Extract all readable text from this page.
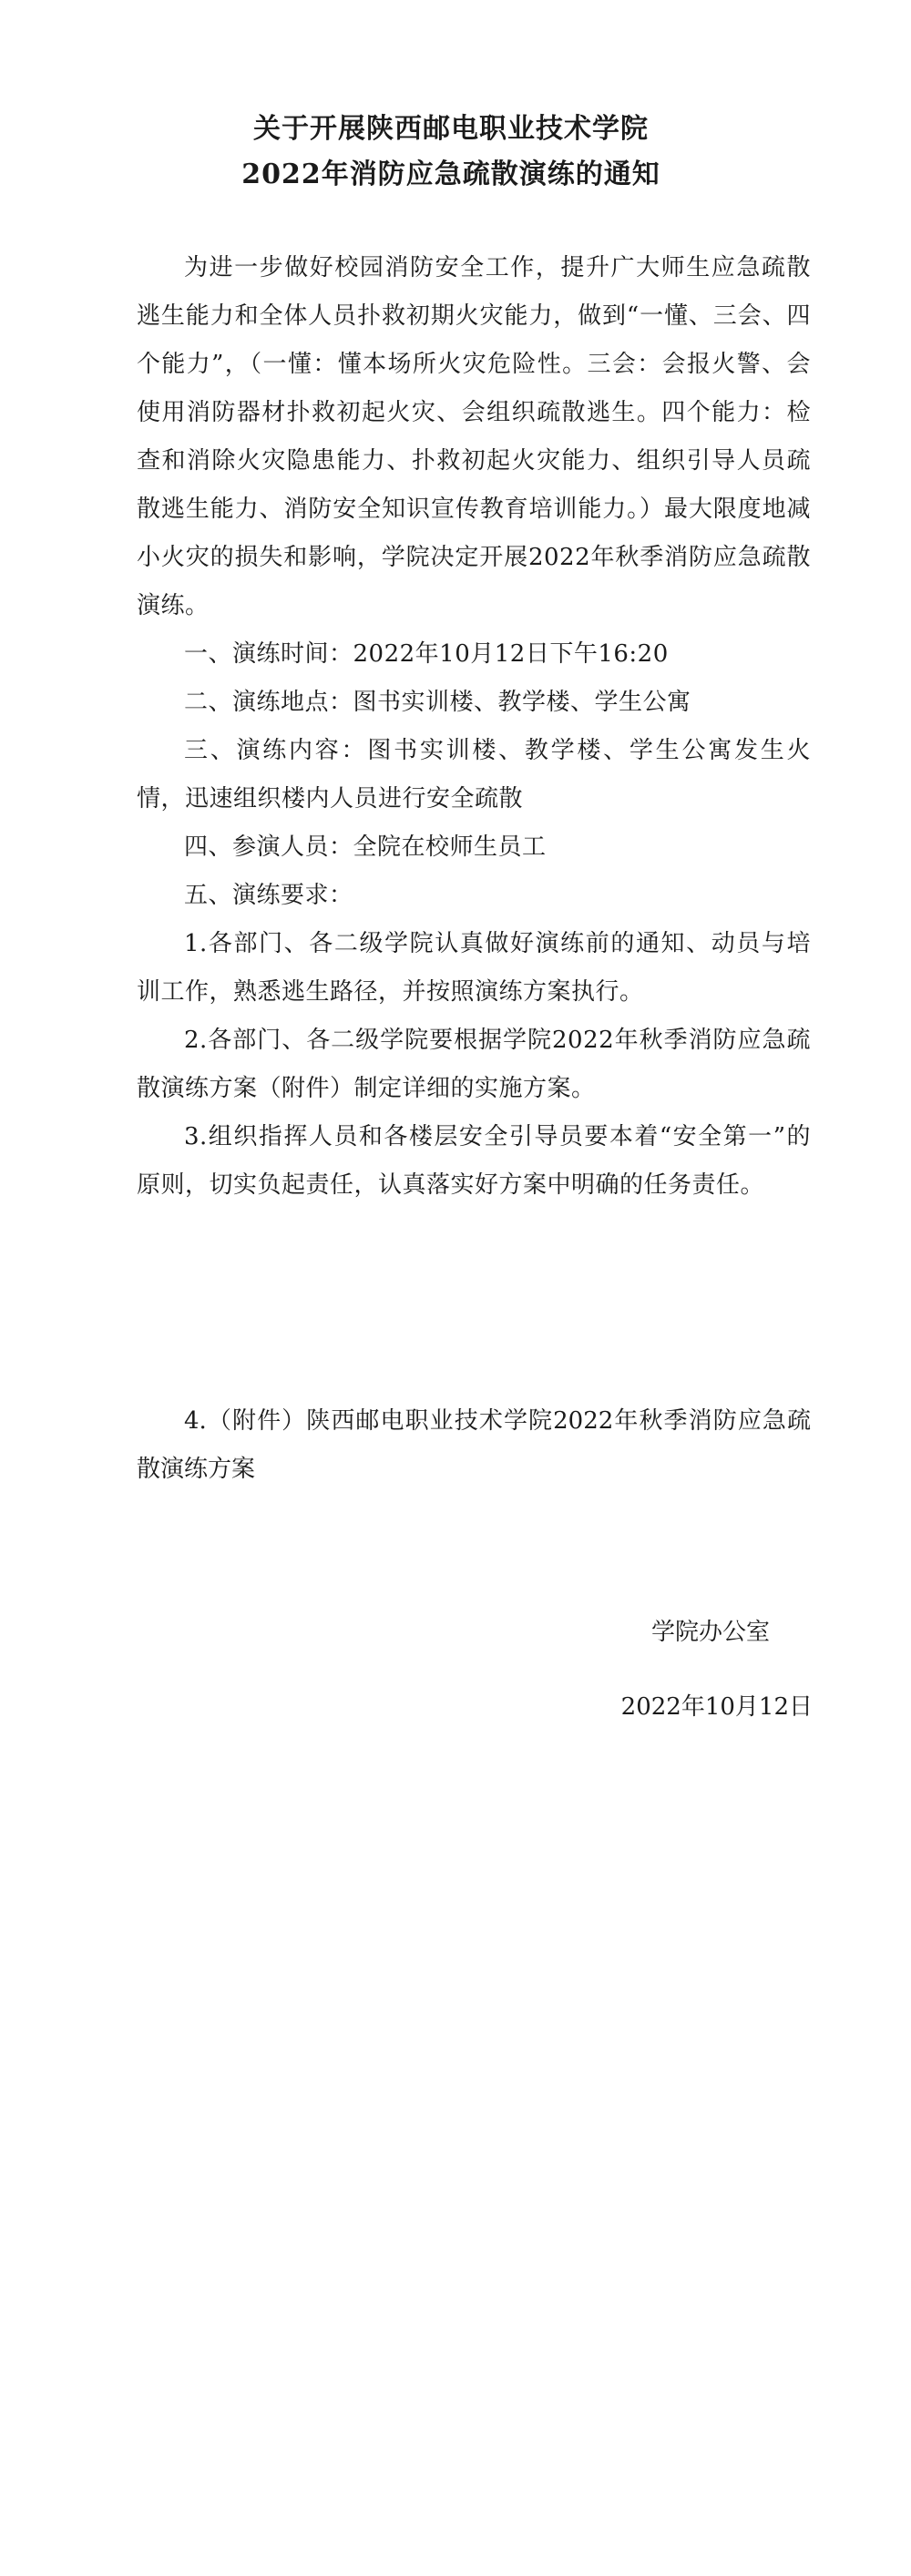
关于开展陕西邮电职业技术学院
2022年消防应急疏散演练的通知

为进一步做好校园消防安全工作，提升广大师生应急疏散逃生能力和全体人员扑救初期火灾能力，做到“一懂、三会、四个能力”，（一懂：懂本场所火灾危险性。三会：会报火警、会使用消防器材扑救初起火灾、会组织疏散逃生。四个能力：检查和消除火灾隐患能力、扑救初起火灾能力、组织引导人员疏散逃生能力、消防安全知识宣传教育培训能力。）最大限度地减小火灾的损失和影响，学院决定开展2022年秋季消防应急疏散演练。

一、演练时间：2022年10月12日下午16:20

二、演练地点：图书实训楼、教学楼、学生公寓

三、演练内容：图书实训楼、教学楼、学生公寓发生火情，迅速组织楼内人员进行安全疏散

四、参演人员：全院在校师生员工

五、演练要求：

1.各部门、各二级学院认真做好演练前的通知、动员与培训工作，熟悉逃生路径，并按照演练方案执行。

2.各部门、各二级学院要根据学院2022年秋季消防应急疏散演练方案（附件）制定详细的实施方案。

3.组织指挥人员和各楼层安全引导员要本着“安全第一”的原则，切实负起责任，认真落实好方案中明确的任务责任。

4.（附件）陕西邮电职业技术学院2022年秋季消防应急疏散演练方案
学院办公室
2022年10月12日
